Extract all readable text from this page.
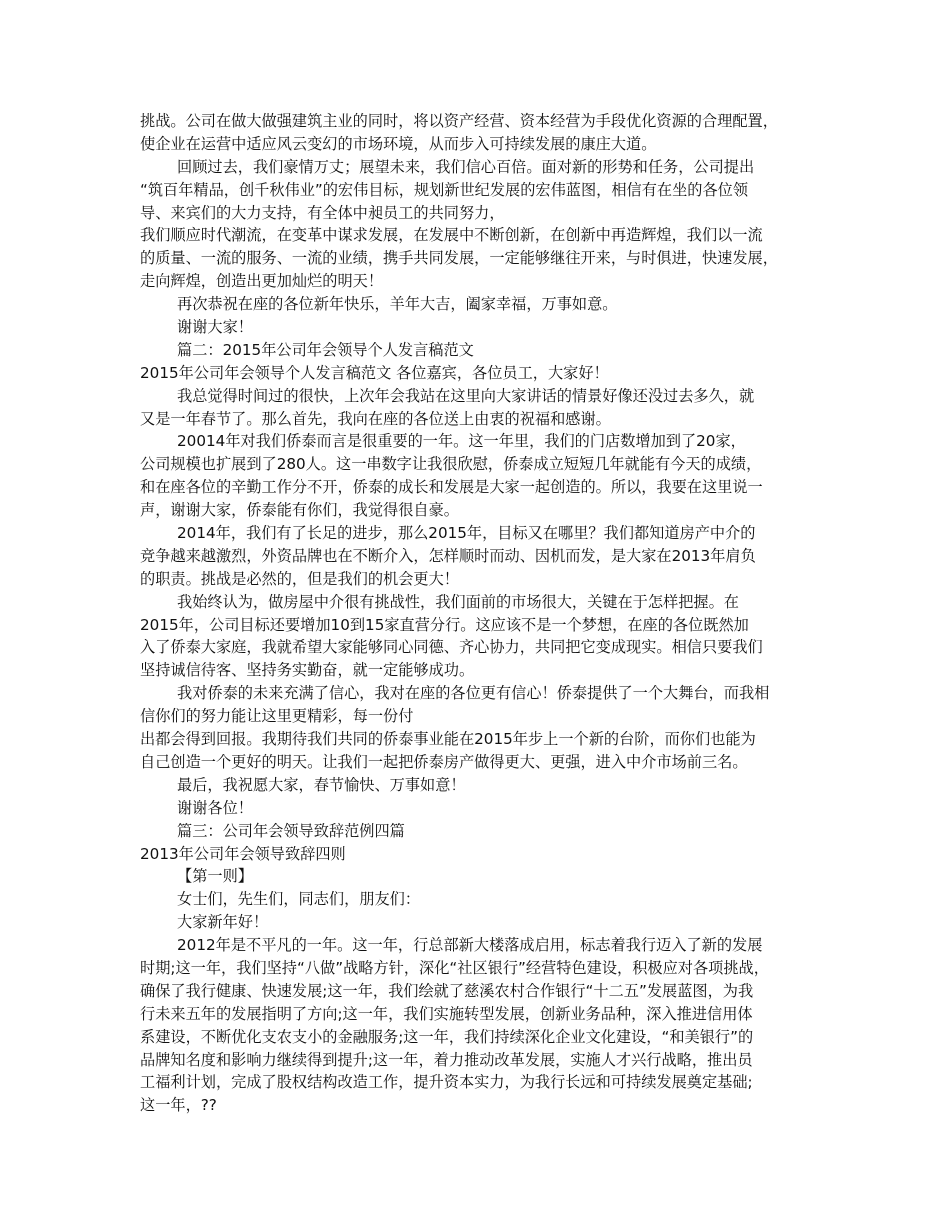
挑战。公司在做大做强建筑主业的同时，将以资产经营、资本经营为手段优化资源的合理配置，
使企业在运营中适应风云变幻的市场环境，从而步入可持续发展的康庄大道。
回顾过去，我们豪情万丈；展望未来，我们信心百倍。面对新的形势和任务，公司提出
“筑百年精品，创千秋伟业”的宏伟目标，规划新世纪发展的宏伟蓝图，相信有在坐的各位领
导、来宾们的大力支持，有全体中昶员工的共同努力，
我们顺应时代潮流，在变革中谋求发展，在发展中不断创新，在创新中再造辉煌，我们以一流
的质量、一流的服务、一流的业绩，携手共同发展，一定能够继往开来，与时俱进，快速发展，
走向辉煌，创造出更加灿烂的明天！
再次恭祝在座的各位新年快乐，羊年大吉，阖家幸福，万事如意。
谢谢大家！
篇二：2015年公司年会领导个人发言稿范文
2015年公司年会领导个人发言稿范文 各位嘉宾，各位员工，大家好！
我总觉得时间过的很快，上次年会我站在这里向大家讲话的情景好像还没过去多久，就
又是一年春节了。那么首先，我向在座的各位送上由衷的祝福和感谢。
20014年对我们侨泰而言是很重要的一年。这一年里，我们的门店数增加到了20家，
公司规模也扩展到了280人。这一串数字让我很欣慰，侨泰成立短短几年就能有今天的成绩，
和在座各位的辛勤工作分不开，侨泰的成长和发展是大家一起创造的。所以，我要在这里说一
声，谢谢大家，侨泰能有你们，我觉得很自豪。
2014年，我们有了长足的进步，那么2015年，目标又在哪里？我们都知道房产中介的
竞争越来越激烈，外资品牌也在不断介入，怎样顺时而动、因机而发，是大家在2013年肩负
的职责。挑战是必然的，但是我们的机会更大！
我始终认为，做房屋中介很有挑战性，我们面前的市场很大，关键在于怎样把握。在
2015年，公司目标还要增加10到15家直营分行。这应该不是一个梦想，在座的各位既然加
入了侨泰大家庭，我就希望大家能够同心同德、齐心协力，共同把它变成现实。相信只要我们
坚持诚信待客、坚持务实勤奋，就一定能够成功。
我对侨泰的未来充满了信心，我对在座的各位更有信心！侨泰提供了一个大舞台，而我相
信你们的努力能让这里更精彩，每一份付
出都会得到回报。我期待我们共同的侨泰事业能在2015年步上一个新的台阶，而你们也能为
自己创造一个更好的明天。让我们一起把侨泰房产做得更大、更强，进入中介市场前三名。
最后，我祝愿大家，春节愉快、万事如意！
谢谢各位！
篇三：公司年会领导致辞范例四篇
2013年公司年会领导致辞四则
【第一则】
女士们，先生们，同志们，朋友们：
大家新年好！
2012年是不平凡的一年。这一年，行总部新大楼落成启用，标志着我行迈入了新的发展
时期;这一年，我们坚持“八做”战略方针，深化“社区银行”经营特色建设，积极应对各项挑战，
确保了我行健康、快速发展;这一年，我们绘就了慈溪农村合作银行“十二五”发展蓝图，为我
行未来五年的发展指明了方向;这一年，我们实施转型发展，创新业务品种，深入推进信用体
系建设，不断优化支农支小的金融服务;这一年，我们持续深化企业文化建设，“和美银行”的
品牌知名度和影响力继续得到提升;这一年，着力推动改革发展，实施人才兴行战略，推出员
工福利计划，完成了股权结构改造工作，提升资本实力，为我行长远和可持续发展奠定基础;
这一年，??
